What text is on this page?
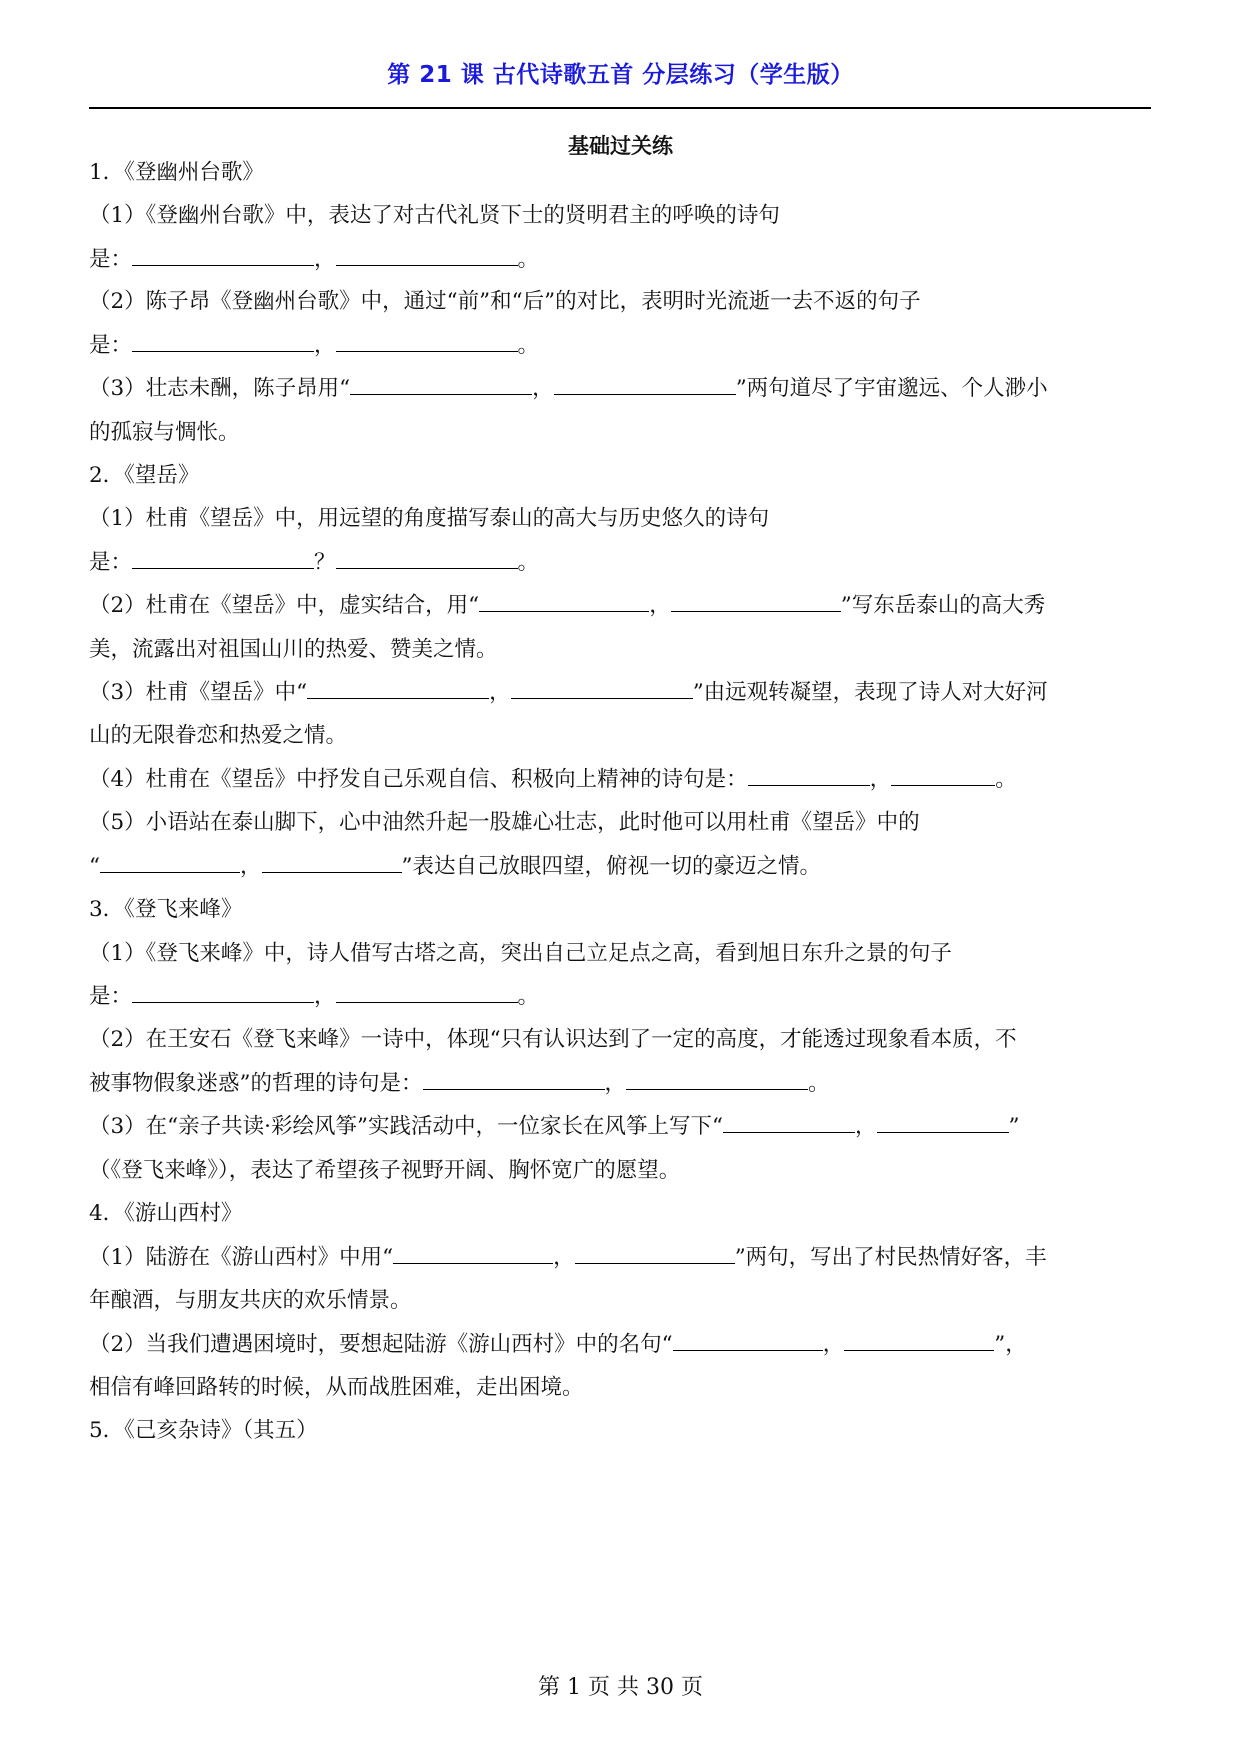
第 21 课 古代诗歌五首 分层练习（学生版）
基础过关练
1．《登幽州台歌》
（1）《登幽州台歌》中，表达了对古代礼贤下士的贤明君主的呼唤的诗句
是：	，	。
（2）陈子昂《登幽州台歌》中，通过“前”和“后”的对比，表明时光流逝一去不返的句子
是：	，	。
（3）壮志未酬，陈子昂用“	，	”两句道尽了宇宙邈远、个人渺小
的孤寂与惆怅。
2．《望岳》
（1）杜甫《望岳》中，用远望的角度描写泰山的高大与历史悠久的诗句
是：	？	。
（2）杜甫在《望岳》中，虚实结合，用“	，	”写东岳泰山的高大秀
美，流露出对祖国山川的热爱、赞美之情。
（3）杜甫《望岳》中“	，	”由远观转凝望，表现了诗人对大好河
山的无限眷恋和热爱之情。
（4）杜甫在《望岳》中抒发自己乐观自信、积极向上精神的诗句是：	，	。
（5）小语站在泰山脚下，心中油然升起一股雄心壮志，此时他可以用杜甫《望岳》中的
“	，	”表达自己放眼四望，俯视一切的豪迈之情。
3．《登飞来峰》
（1）《登飞来峰》中，诗人借写古塔之高，突出自己立足点之高，看到旭日东升之景的句子
是：	，	。
（2）在王安石《登飞来峰》一诗中，体现“只有认识达到了一定的高度，才能透过现象看本质，不
被事物假象迷惑”的哲理的诗句是：	，	。
（3）在“亲子共读·彩绘风筝”实践活动中，一位家长在风筝上写下“	，	”
（《登飞来峰》），表达了希望孩子视野开阔、胸怀宽广的愿望。
4．《游山西村》
（1）陆游在《游山西村》中用“	，	”两句，写出了村民热情好客，丰
年酿酒，与朋友共庆的欢乐情景。
（2）当我们遭遇困境时，要想起陆游《游山西村》中的名句“	，	”，
相信有峰回路转的时候，从而战胜困难，走出困境。
5．《己亥杂诗》（其五）
第 1 页 共 30 页
